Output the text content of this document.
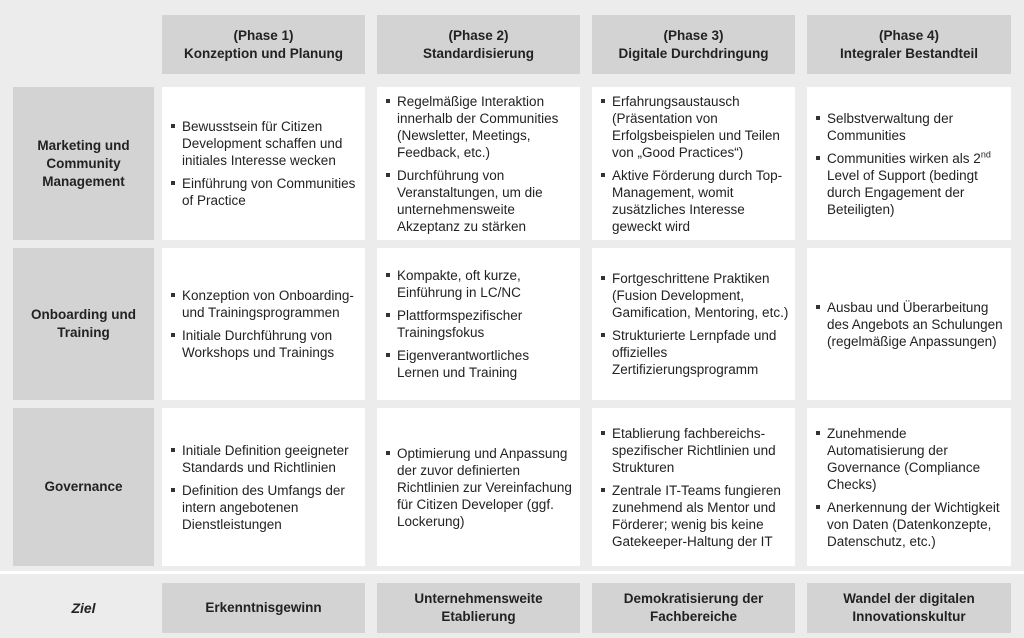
(Phase 1)
Konzeption und Planung
(Phase 2)
Standardisierung
(Phase 3)
Digitale Durchdringung
(Phase 4)
Integraler Bestandteil
Marketing und Community Management
Onboarding und Training
Governance
Bewusstsein für Citizen Development schaffen und initiales Interesse wecken
Einführung von Communities of Practice
Regelmäßige Interaktion innerhalb der Communities (Newsletter, Meetings, Feedback, etc.)
Durchführung von Veranstaltungen, um die unternehmensweite Akzeptanz zu stärken
Erfahrungsaustausch (Präsentation von Erfolgsbeispielen und Teilen von „Good Practices“)
Aktive Förderung durch Top-Management, womit zusätzliches Interesse geweckt wird
Selbstverwaltung der Communities
Communities wirken als 2nd Level of Support (bedingt durch Engagement der Beteiligten)
Konzeption von Onboarding- und Trainingsprogrammen
Initiale Durchführung von Workshops und Trainings
Kompakte, oft kurze, Einführung in LC/NC
Plattformspezifischer Trainingsfokus
Eigenverantwortliches Lernen und Training
Fortgeschrittene Praktiken (Fusion Development, Gamification, Mentoring, etc.)
Strukturierte Lernpfade und offizielles Zertifizierungsprogramm
Ausbau und Überarbeitung des Angebots an Schulungen (regelmäßige Anpassungen)
Initiale Definition geeigneter Standards und Richtlinien
Definition des Umfangs der intern angebotenen Dienstleistungen
Optimierung und Anpassung der zuvor definierten Richtlinien zur Vereinfachung für Citizen Developer (ggf. Lockerung)
Etablierung fachbereichs-spezifischer Richtlinien und Strukturen
Zentrale IT-Teams fungieren zunehmend als Mentor und Förderer; wenig bis keine Gatekeeper-Haltung der IT
Zunehmende Automatisierung der Governance (Compliance Checks)
Anerkennung der Wichtigkeit von Daten (Datenkonzepte, Datenschutz, etc.)
Ziel	Erkenntnisgewinn
Unternehmensweite Etablierung
Demokratisierung der Fachbereiche
Wandel der digitalen Innovationskultur
